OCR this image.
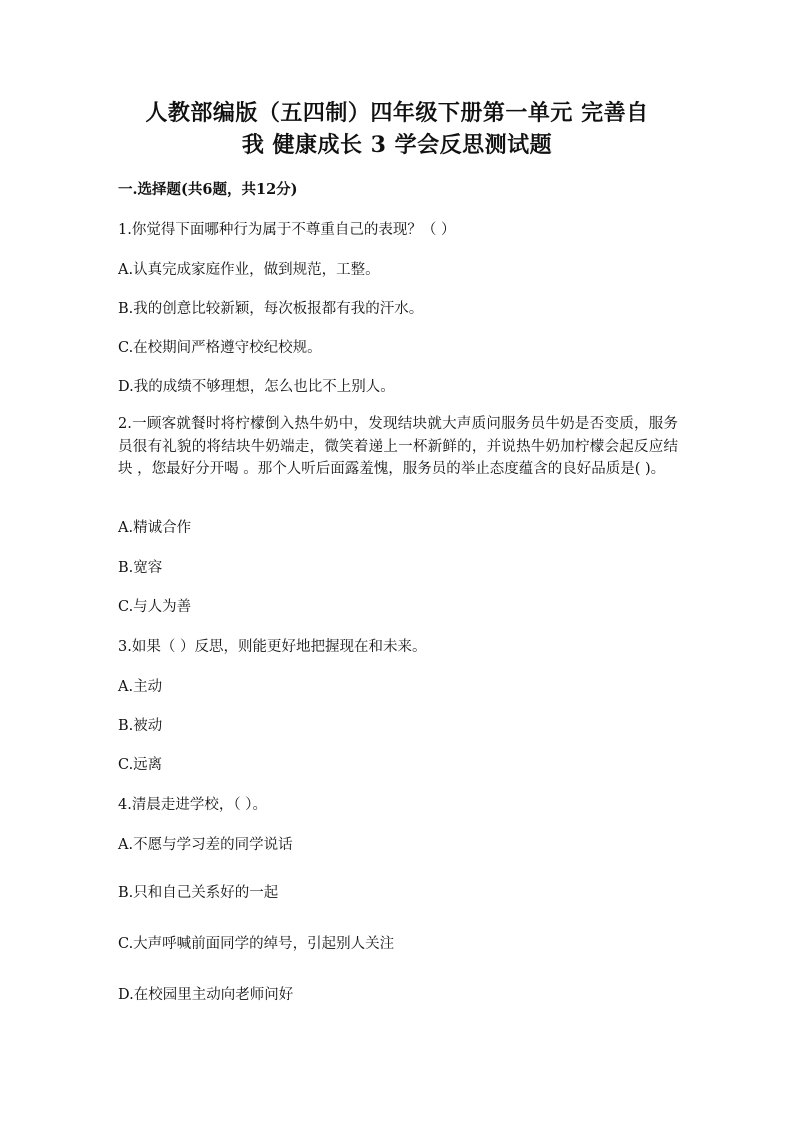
人教部编版（五四制）四年级下册第一单元 完善自
我 健康成长 3 学会反思测试题
一.选择题(共6题，共12分)
1.你觉得下面哪种行为属于不尊重自己的表现？（ ）
A.认真完成家庭作业，做到规范，工整。
B.我的创意比较新颖，每次板报都有我的汗水。
C.在校期间严格遵守校纪校规。
D.我的成绩不够理想，怎么也比不上别人。
2.一顾客就餐时将柠檬倒入热牛奶中，发现结块就大声质问服务员牛奶是否变质，服务员很有礼貌的将结块牛奶端走，微笑着递上一杯新鲜的，并说热牛奶加柠檬会起反应结块 ，您最好分开喝 。那个人听后面露羞愧，服务员的举止态度蕴含的良好品质是( )。
A.精诚合作
B.宽容
C.与人为善
3.如果（ ）反思，则能更好地把握现在和未来。
A.主动
B.被动
C.远离
4.清晨走进学校，（ ）。
A.不愿与学习差的同学说话
B.只和自己关系好的一起
C.大声呼喊前面同学的绰号，引起别人关注
D.在校园里主动向老师问好
